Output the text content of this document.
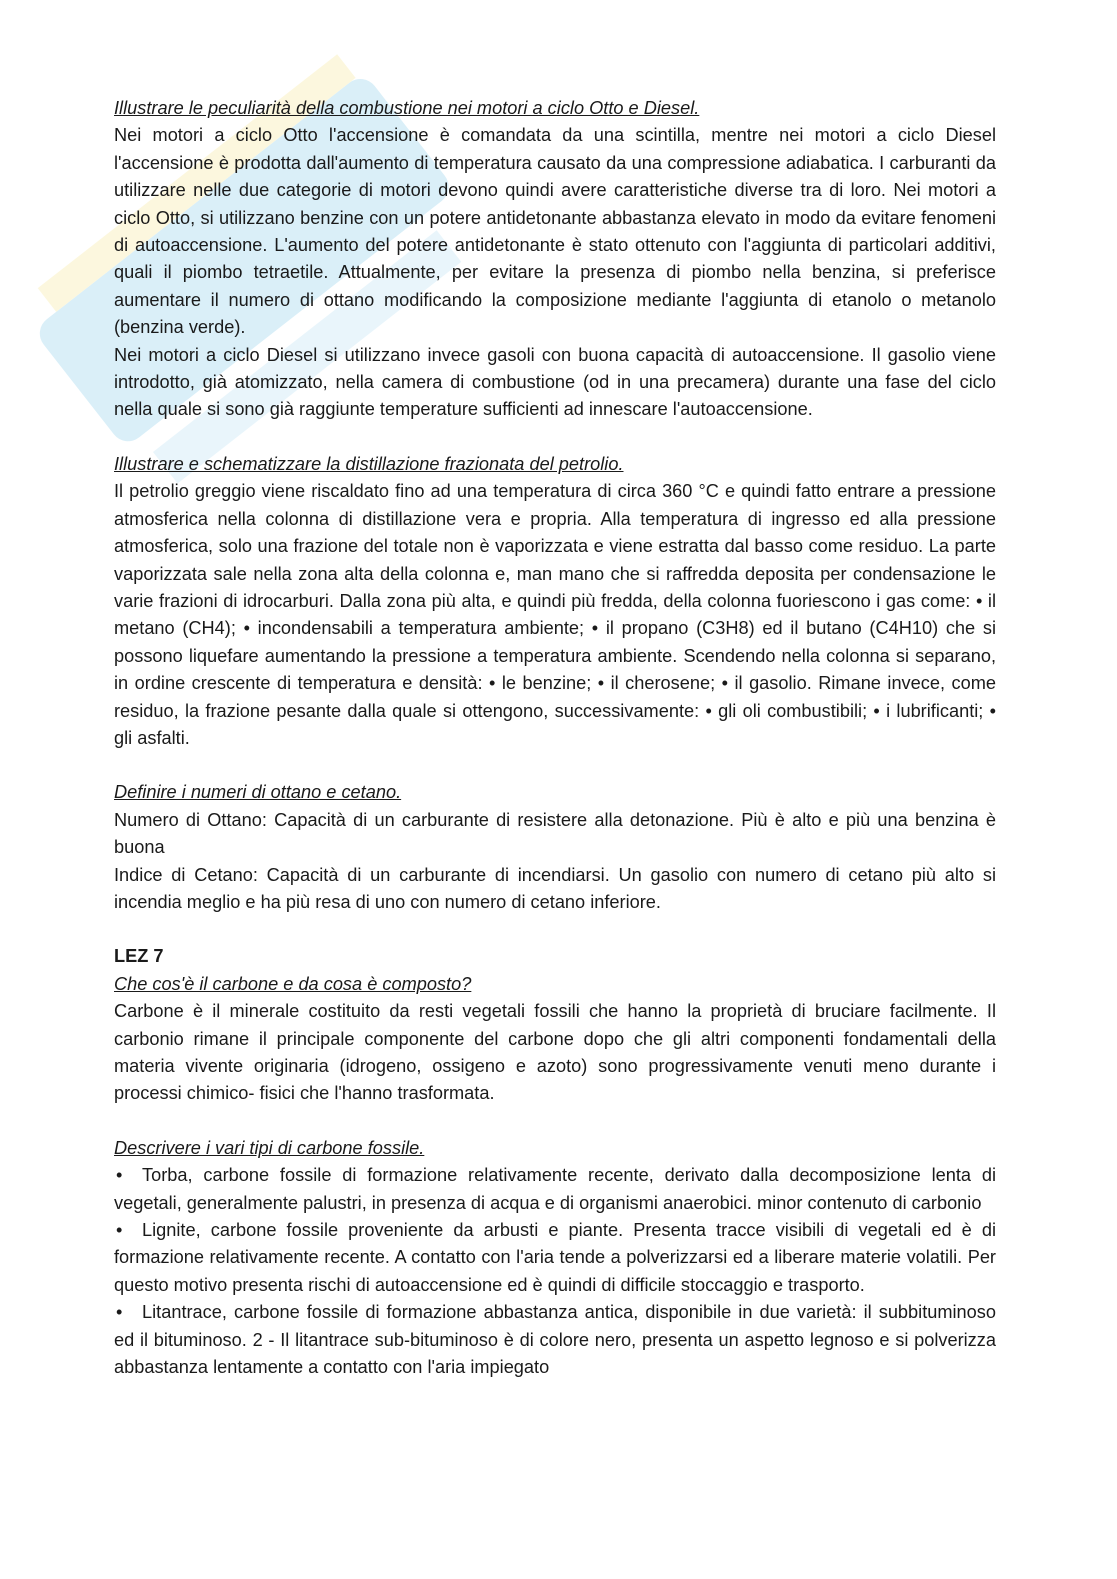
Illustrare le peculiarità della combustione nei motori a ciclo Otto e Diesel.

Nei motori a ciclo Otto l'accensione è comandata da una scintilla, mentre nei motori a ciclo Diesel l'accensione è prodotta dall'aumento di temperatura causato da una compressione adiabatica. I carburanti da utilizzare nelle due categorie di motori devono quindi avere caratteristiche diverse tra di loro. Nei motori a ciclo Otto, si utilizzano benzine con un potere antidetonante abbastanza elevato in modo da evitare fenomeni di autoaccensione. L'aumento del potere antidetonante è stato ottenuto con l'aggiunta di particolari additivi, quali il piombo tetraetile. Attualmente, per evitare la presenza di piombo nella benzina, si preferisce aumentare il numero di ottano modificando la composizione mediante l'aggiunta di etanolo o metanolo (benzina verde).

Nei motori a ciclo Diesel si utilizzano invece gasoli con buona capacità di autoaccensione. Il gasolio viene introdotto, già atomizzato, nella camera di combustione (od in una precamera) durante una fase del ciclo nella quale si sono già raggiunte temperature sufficienti ad innescare l'autoaccensione.

Illustrare e schematizzare la distillazione frazionata del petrolio.

Il petrolio greggio viene riscaldato fino ad una temperatura di circa 360 °C e quindi fatto entrare a pressione atmosferica nella colonna di distillazione vera e propria. Alla temperatura di ingresso ed alla pressione atmosferica, solo una frazione del totale non è vaporizzata e viene estratta dal basso come residuo. La parte vaporizzata sale nella zona alta della colonna e, man mano che si raffredda deposita per condensazione le varie frazioni di idrocarburi. Dalla zona più alta, e quindi più fredda, della colonna fuoriescono i gas come: • il metano (CH4); • incondensabili a temperatura ambiente; • il propano (C3H8) ed il butano (C4H10) che si possono liquefare aumentando la pressione a temperatura ambiente. Scendendo nella colonna si separano, in ordine crescente di temperatura e densità: • le benzine; • il cherosene; • il gasolio. Rimane invece, come residuo, la frazione pesante dalla quale si ottengono, successivamente: • gli oli combustibili; • i lubrificanti; • gli asfalti.

Definire i numeri di ottano e cetano.

Numero di Ottano: Capacità di un carburante di resistere alla detonazione. Più è alto e più una benzina è buona

Indice di Cetano: Capacità di un carburante di incendiarsi. Un gasolio con numero di cetano più alto si incendia meglio e ha più resa di uno con numero di cetano inferiore.

LEZ 7

Che cos'è il carbone e da cosa è composto?

Carbone è il minerale costituito da resti vegetali fossili che hanno la proprietà di bruciare facilmente. Il carbonio rimane il principale componente del carbone dopo che gli altri componenti fondamentali della materia vivente originaria (idrogeno, ossigeno e azoto) sono progressivamente venuti meno durante i processi chimico- fisici che l'hanno trasformata.

Descrivere i vari tipi di carbone fossile.

• Torba, carbone fossile di formazione relativamente recente, derivato dalla decomposizione lenta di vegetali, generalmente palustri, in presenza di acqua e di organismi anaerobici. minor contenuto di carbonio

• Lignite, carbone fossile proveniente da arbusti e piante. Presenta tracce visibili di vegetali ed è di formazione relativamente recente. A contatto con l'aria tende a polverizzarsi ed a liberare materie volatili. Per questo motivo presenta rischi di autoaccensione ed è quindi di difficile stoccaggio e trasporto.

• Litantrace, carbone fossile di formazione abbastanza antica, disponibile in due varietà: il subbituminoso ed il bituminoso. 2 - Il litantrace sub-bituminoso è di colore nero, presenta un aspetto legnoso e si polverizza abbastanza lentamente a contatto con l'aria impiegato
